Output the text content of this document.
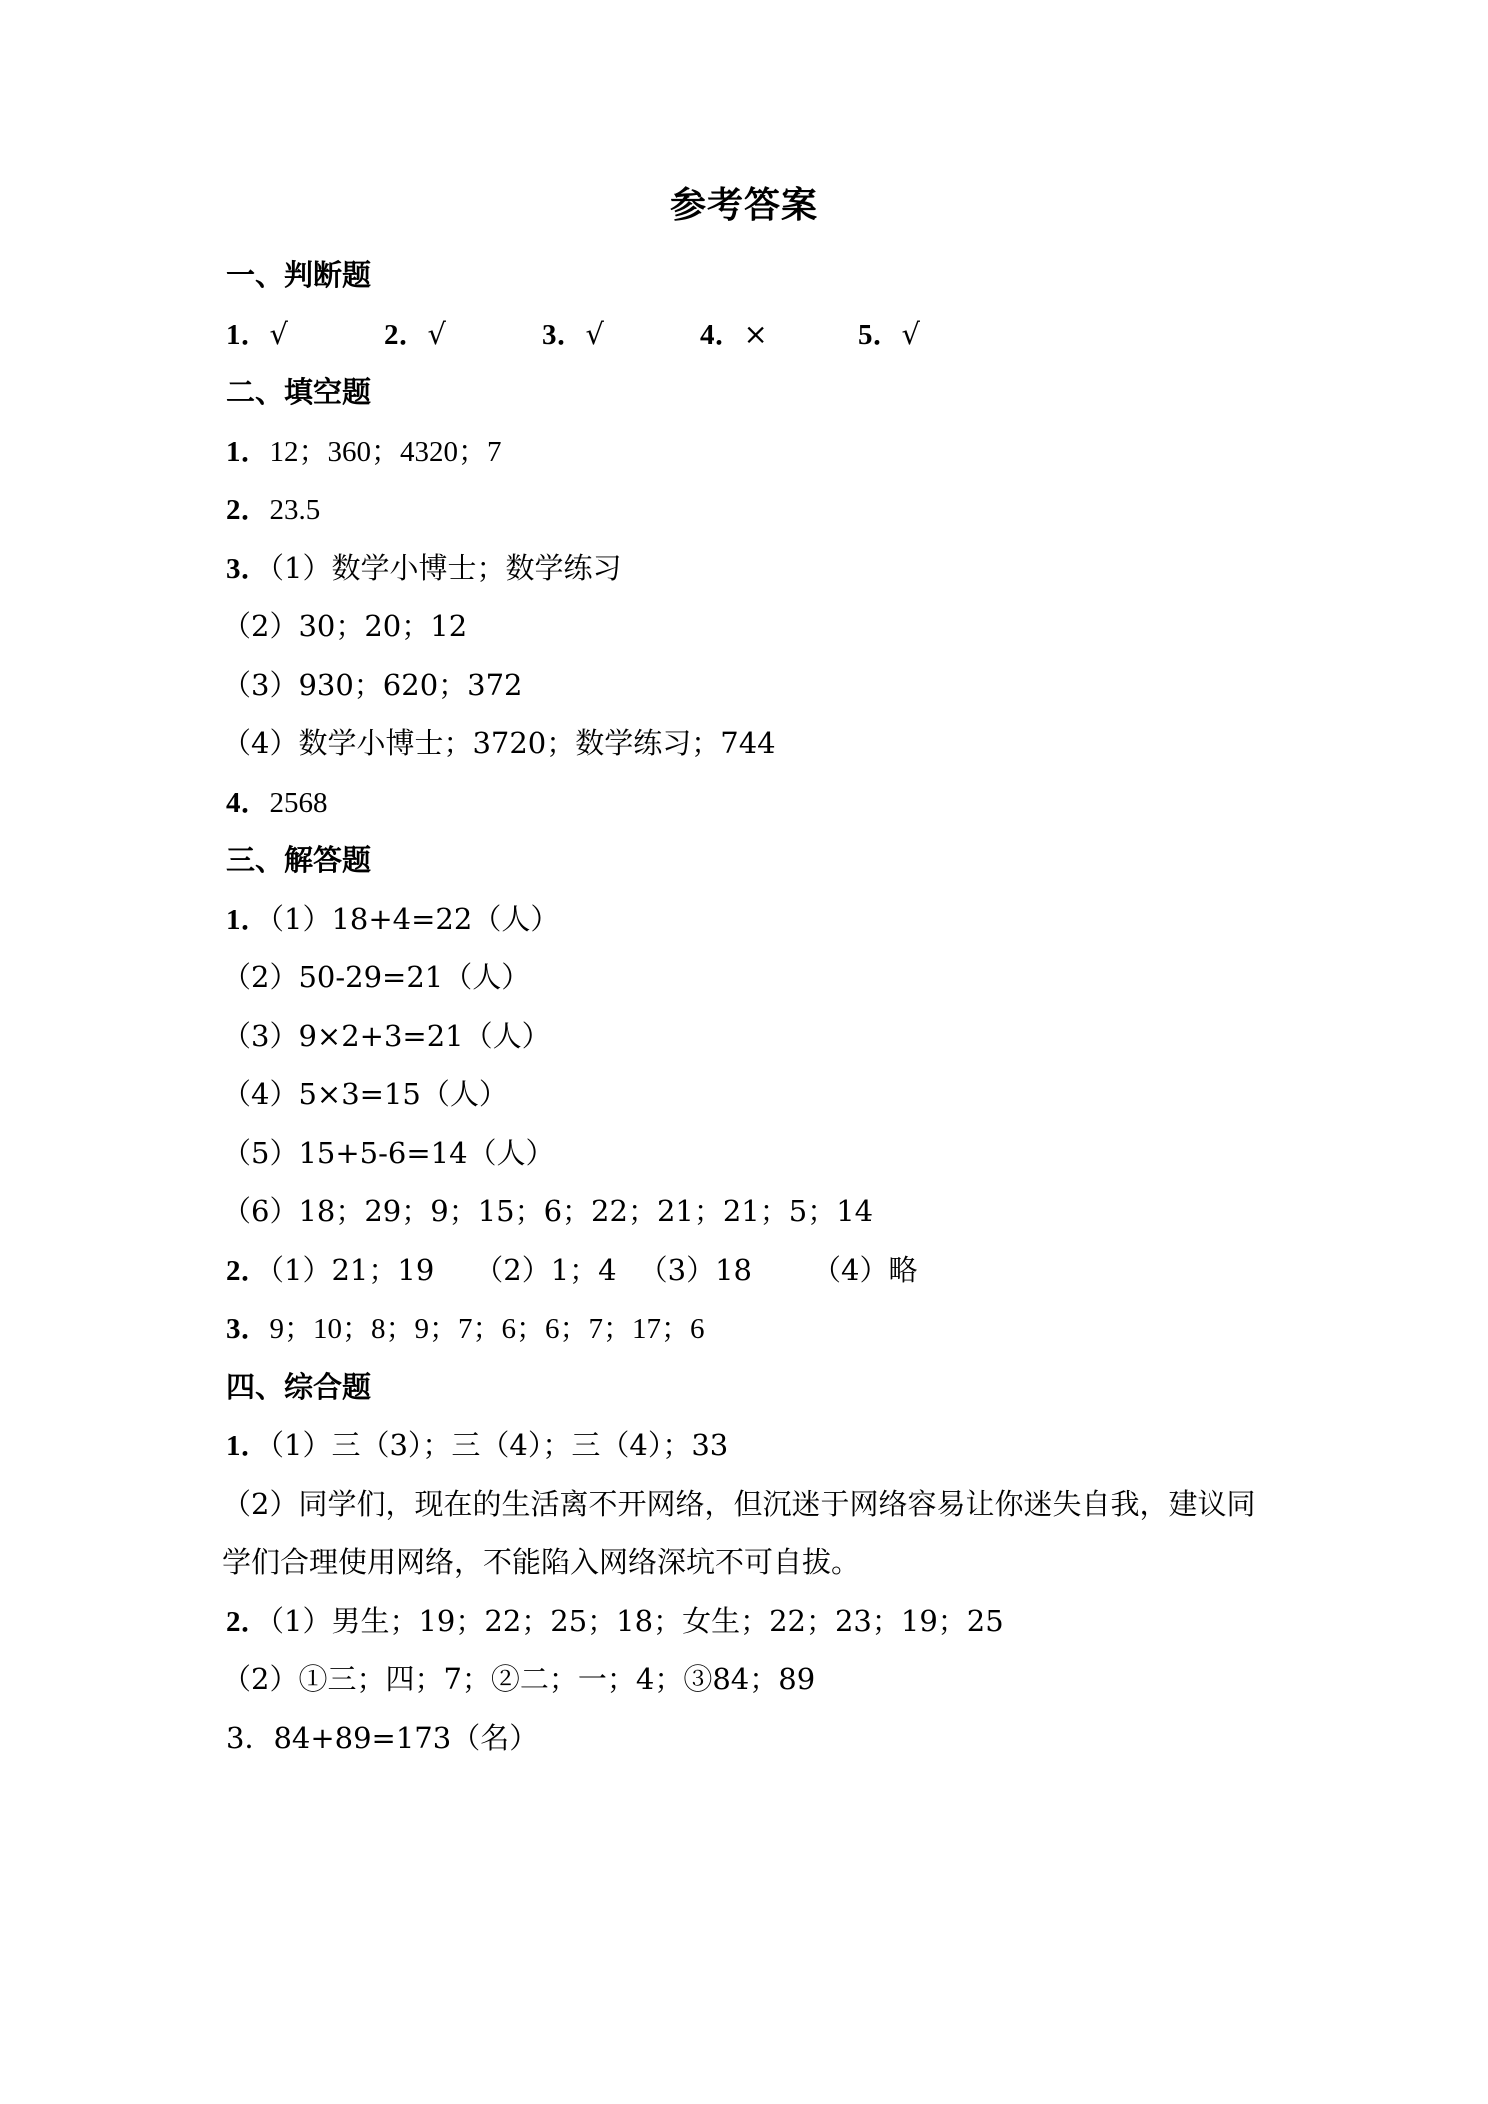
参考答案
一、判断题
1．√	2．√	3．√	4．×	5．√
二、填空题
1．12；360；4320；7
2．23.5
3．（1）数学小博士；数学练习
（2）30；20；12
（3）930；620；372
（4）数学小博士；3720；数学练习；744
4．2568
三、解答题
1．（1）18+4=22（人）
（2）50-29=21（人）
（3）9×2+3=21（人）
（4）5×3=15（人）
（5）15+5-6=14（人）
（6）18；29；9；15；6；22；21；21；5；14
2．（1）21；19 （2）1；4 （3）18 （4）略
3．9；10；8；9；7；6；6；7；17；6
四、综合题
1．（1）三（3）；三（4）；三（4）；33
（2）同学们，现在的生活离不开网络，但沉迷于网络容易让你迷失自我，建议同学们合理使用网络，不能陷入网络深坑不可自拔。
2．（1）男生；19；22；25；18；女生；22；23；19；25
（2）①三；四；7；②二；一；4；③84；89
3．84+89=173（名）
